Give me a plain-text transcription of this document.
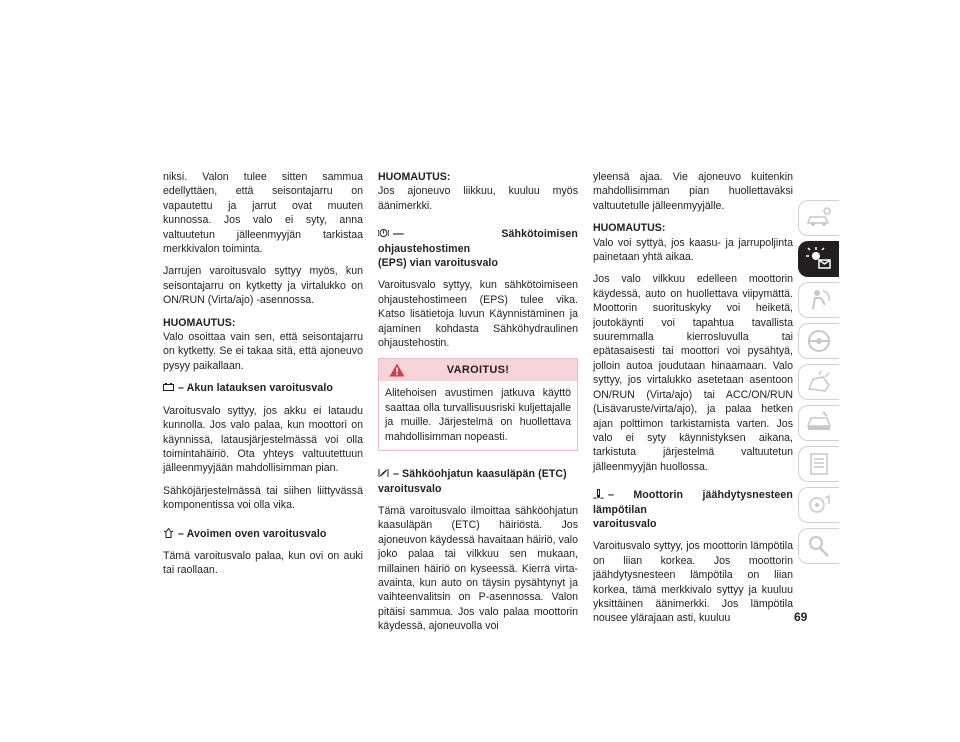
niksi. Valon tulee sitten sammua edellyttäen, että seisontajarru on vapautettu ja jarrut ovat muuten kunnossa. Jos valo ei syty, anna valtuutetun jälleenmyyjän tarkistaa merkkivalon toiminta.

Jarrujen varoitusvalo syttyy myös, kun seisontajarru on kytketty ja virtalukko on ON/RUN (Virta/ajo) -asennossa.

HUOMAUTUS:
Valo osoittaa vain sen, että seisontajarru on kytketty. Se ei takaa sitä, että ajoneuvo pysyy paikallaan.

– Akun latauksen varoitusvalo

Varoitusvalo syttyy, jos akku ei lataudu kunnolla. Jos valo palaa, kun moottori on käynnissä, latausjärjestelmässä voi olla toimintahäiriö. Ota yhteys valtuutettuun jälleenmyyjään mahdollisimman pian.

Sähköjärjestelmässä tai siihen liittyvässä komponentissa voi olla vika.

– Avoimen oven varoitusvalo

Tämä varoitusvalo palaa, kun ovi on auki tai raollaan.

HUOMAUTUS:
Jos ajoneuvo liikkuu, kuuluu myös äänimerkki.

— Sähkötoimisen ohjaustehostimen
(EPS) vian varoitusvalo

Varoitusvalo syttyy, kun sähkötoimiseen ohjaustehostimeen (EPS) tulee vika. Katso lisätietoja luvun Käynnistäminen ja ajaminen kohdasta Sähköhydraulinen ohjaustehostin.

VAROITUS!
Alitehoisen avustimen jatkuva käyttö saattaa olla turvallisuusriski kuljettajalle ja muille. Järjestelmä on huollettava mahdollisimman nopeasti.
– Sähköohjatun kaasuläpän (ETC)
varoitusvalo

Tämä varoitusvalo ilmoittaa sähköohjatun kaasuläpän (ETC) häiriöstä. Jos ajoneuvon käydessä havaitaan häiriö, valo joko palaa tai vilkkuu sen mukaan, millainen häiriö on kyseessä. Kierrä virta-avainta, kun auto on täysin pysähtynyt ja vaihteenvalitsin on P-asennossa. Valon pitäisi sammua. Jos valo palaa moottorin käydessä, ajoneuvolla voi

yleensä ajaa. Vie ajoneuvo kuitenkin mahdollisimman pian huollettavaksi valtuutetulle jälleenmyyjälle.

HUOMAUTUS:
Valo voi syttyä, jos kaasu- ja jarrupoljinta painetaan yhtä aikaa.

Jos valo vilkkuu edelleen moottorin käydessä, auto on huollettava viipymättä. Moottorin suorituskyky voi heiketä, joutokäynti voi tapahtua tavallista suuremmalla kierrosluvulla tai epätasaisesti tai moottori voi pysähtyä, jolloin autoa joudutaan hinaamaan. Valo syttyy, jos virtalukko asetetaan asentoon ON/RUN (Virta/ajo) tai ACC/ON/RUN (Lisävaruste/virta/ajo), ja palaa hetken ajan polttimon tarkistamista varten. Jos valo ei syty käynnistyksen aikana, tarkistuta järjestelmä valtuutetun jälleenmyyjän huollossa.

– Moottorin jäähdytysnesteen lämpötilan
varoitusvalo

Varoitusvalo syttyy, jos moottorin lämpötila on liian korkea. Jos moottorin jäähdytysnesteen lämpötila on liian korkea, tämä merkkivalo syttyy ja kuuluu yksittäinen äänimerkki. Jos lämpötila nousee ylärajaan asti, kuuluu	69
